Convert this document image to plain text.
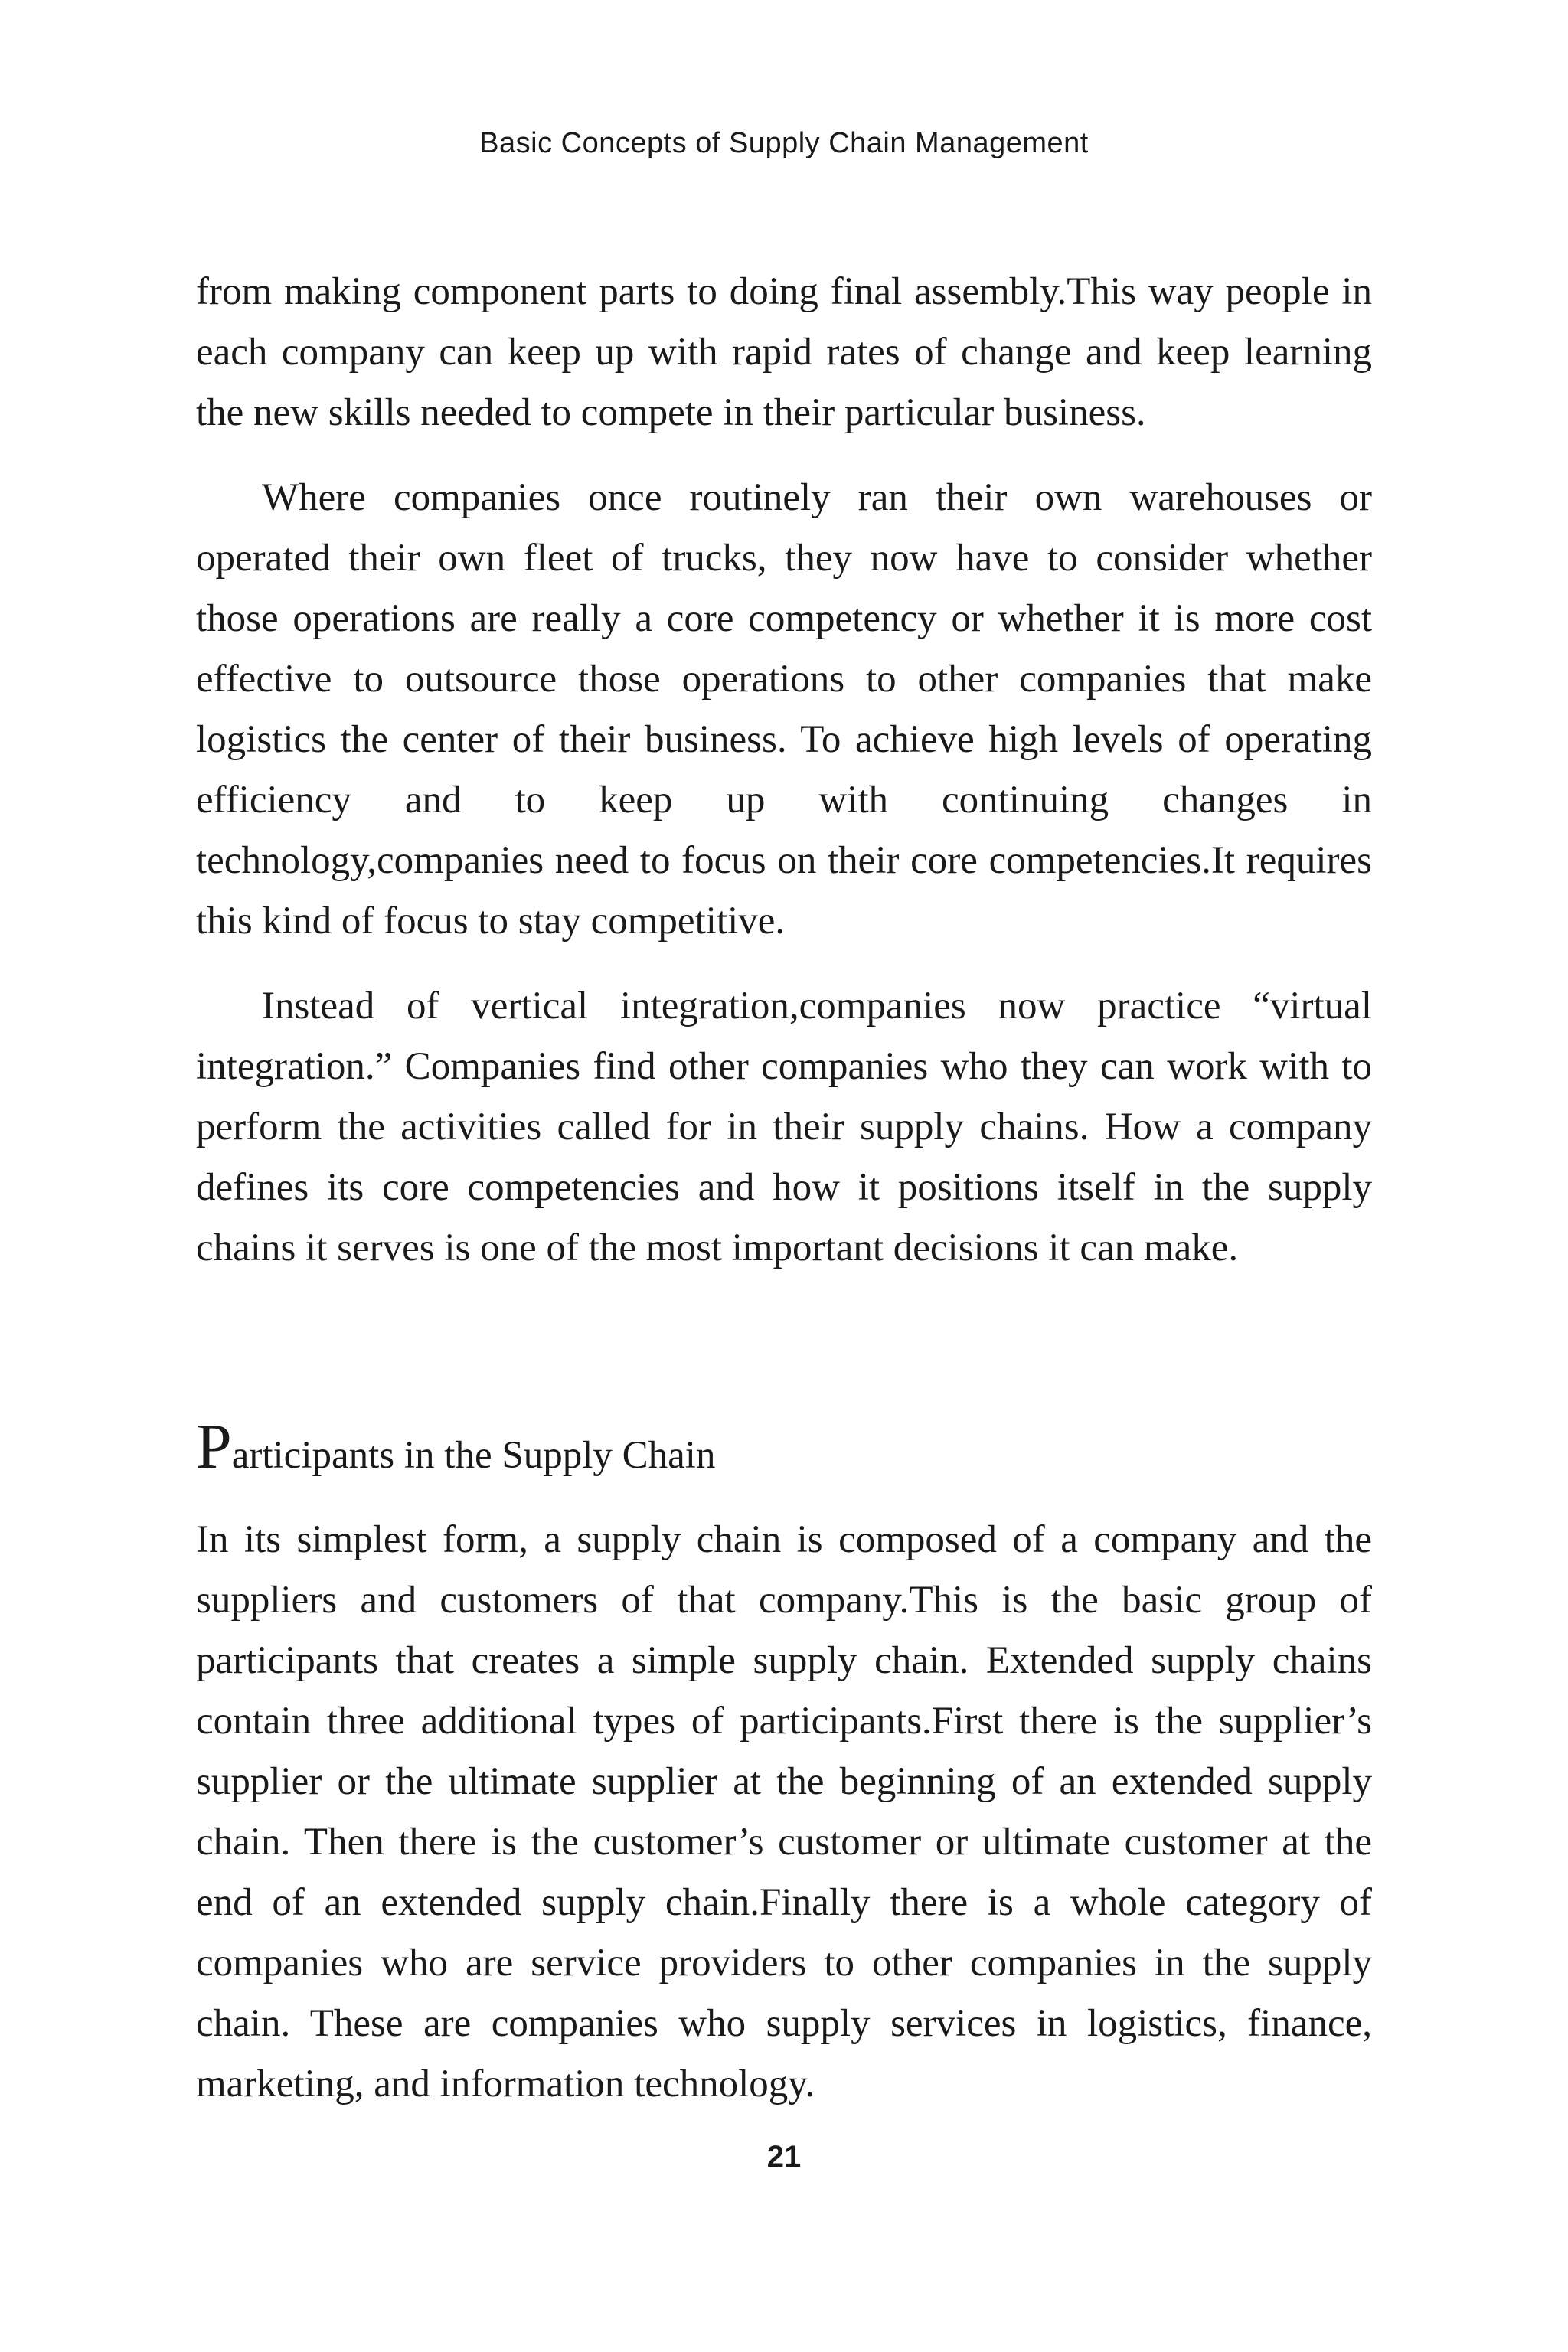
Basic Concepts of Supply Chain Management

from making component parts to doing final assembly.This way people in each company can keep up with rapid rates of change and keep learning the new skills needed to compete in their particular business.

Where companies once routinely ran their own warehouses or operated their own fleet of trucks, they now have to consider whether those operations are really a core competency or whether it is more cost effective to outsource those operations to other companies that make logistics the center of their business. To achieve high levels of operating efficiency and to keep up with continuing changes in technology,companies need to focus on their core competencies.It requires this kind of focus to stay competitive.

Instead of vertical integration,companies now practice “virtual integration.” Companies find other companies who they can work with to perform the activities called for in their supply chains. How a company defines its core competencies and how it positions itself in the supply chains it serves is one of the most important decisions it can make.

Participants in the Supply Chain

In its simplest form, a supply chain is composed of a company and the suppliers and customers of that company.This is the basic group of participants that creates a simple supply chain. Extended supply chains contain three additional types of participants.First there is the supplier’s supplier or the ultimate supplier at the beginning of an extended supply chain. Then there is the customer’s customer or ultimate customer at the end of an extended supply chain.Finally there is a whole category of companies who are service providers to other companies in the supply chain. These are companies who supply services in logistics, finance, marketing, and information technology.

21
